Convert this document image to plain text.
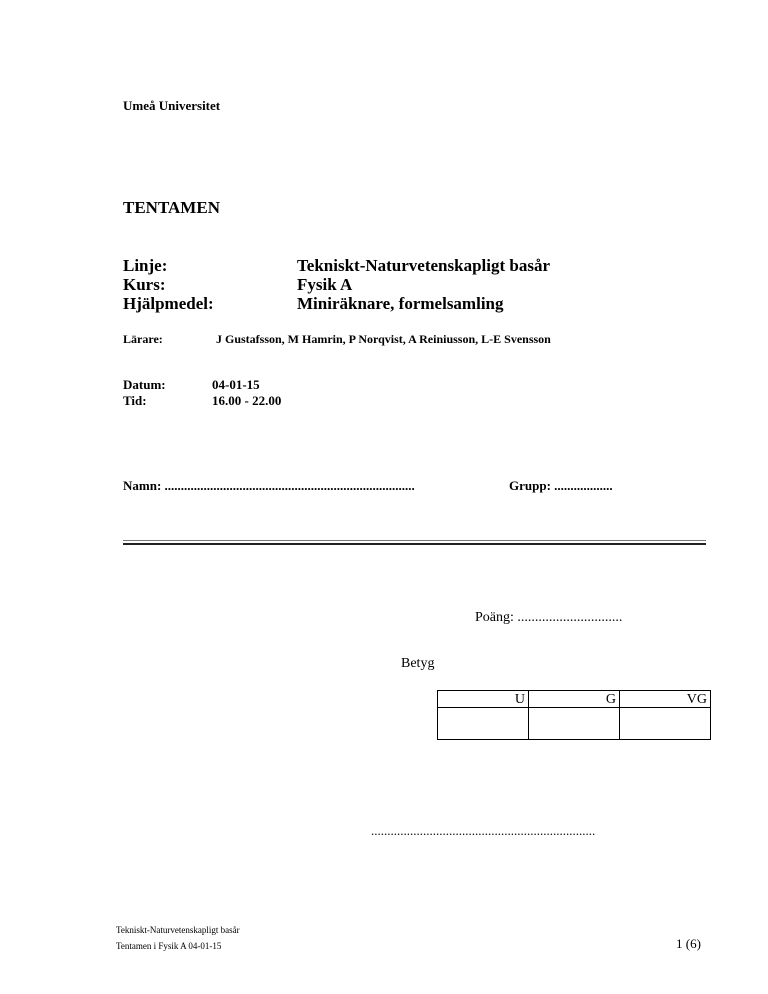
Umeå Universitet
TENTAMEN
Linje:	Tekniskt-Naturvetenskapligt basår
Kurs:	Fysik A
Hjälpmedel:	Miniräknare, formelsamling
Lärare:	J Gustafsson, M Hamrin, P Norqvist, A Reiniusson, L-E Svensson
Datum:	04-01-15
Tid:	16.00 - 22.00
Namn: .............................................................................	Grupp: ..................
Poäng: ..............................
Betyg
U	G	VG

.....................................................................
Tekniskt-Naturvetenskapligt basår
Tentamen i Fysik A 04-01-15	1 (6)
